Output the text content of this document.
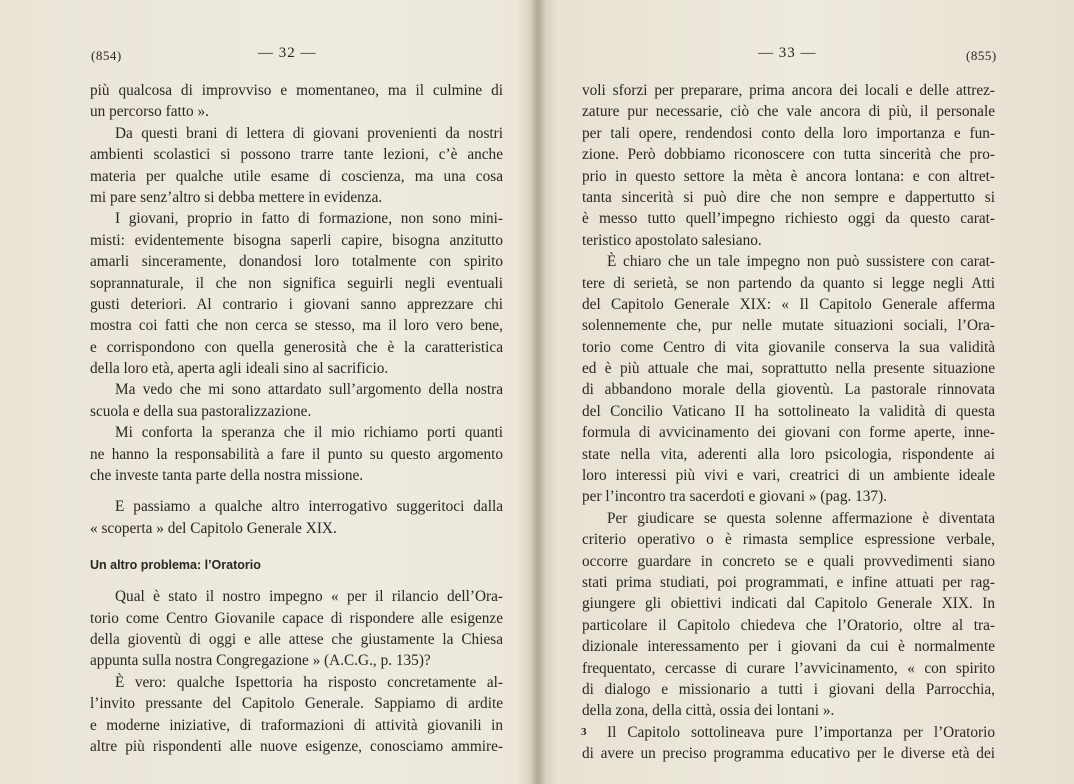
(854)	— 32 —
più qualcosa di improvviso e momentaneo, ma il culmine di
un percorso fatto ».
Da questi brani di lettera di giovani provenienti da nostri
ambienti scolastici si possono trarre tante lezioni, c’è anche
materia per qualche utile esame di coscienza, ma una cosa
mi pare senz’altro si debba mettere in evidenza.
I giovani, proprio in fatto di formazione, non sono mini-
misti: evidentemente bisogna saperli capire, bisogna anzitutto
amarli sinceramente, donandosi loro totalmente con spirito
soprannaturale, il che non significa seguirli negli eventuali
gusti deteriori. Al contrario i giovani sanno apprezzare chi
mostra coi fatti che non cerca se stesso, ma il loro vero bene,
e corrispondono con quella generosità che è la caratteristica
della loro età, aperta agli ideali sino al sacrificio.
Ma vedo che mi sono attardato sull’argomento della nostra
scuola e della sua pastoralizzazione.
Mi conforta la speranza che il mio richiamo porti quanti
ne hanno la responsabilità a fare il punto su questo argomento
che investe tanta parte della nostra missione.
E passiamo a qualche altro interrogativo suggeritoci dalla
« scoperta » del Capitolo Generale XIX.
Un altro problema: l’Oratorio
Qual è stato il nostro impegno « per il rilancio dell’Ora-
torio come Centro Giovanile capace di rispondere alle esigenze
della gioventù di oggi e alle attese che giustamente la Chiesa
appunta sulla nostra Congregazione » (A.C.G., p. 135)?
È vero: qualche Ispettoria ha risposto concretamente al-
l’invito pressante del Capitolo Generale. Sappiamo di ardite
e moderne iniziative, di traformazioni di attività giovanili in
altre più rispondenti alle nuove esigenze, conosciamo ammire-
— 33 —	(855)
voli sforzi per preparare, prima ancora dei locali e delle attrez-
zature pur necessarie, ciò che vale ancora di più, il personale
per tali opere, rendendosi conto della loro importanza e fun-
zione. Però dobbiamo riconoscere con tutta sincerità che pro-
prio in questo settore la mèta è ancora lontana: e con altret-
tanta sincerità si può dire che non sempre e dappertutto si
è messo tutto quell’impegno richiesto oggi da questo carat-
teristico apostolato salesiano.
È chiaro che un tale impegno non può sussistere con carat-
tere di serietà, se non partendo da quanto si legge negli Atti
del Capitolo Generale XIX: « Il Capitolo Generale afferma
solennemente che, pur nelle mutate situazioni sociali, l’Ora-
torio come Centro di vita giovanile conserva la sua validità
ed è più attuale che mai, soprattutto nella presente situazione
di abbandono morale della gioventù. La pastorale rinnovata
del Concilio Vaticano II ha sottolineato la validità di questa
formula di avvicinamento dei giovani con forme aperte, inne-
state nella vita, aderenti alla loro psicologia, rispondente ai
loro interessi più vivi e vari, creatrici di un ambiente ideale
per l’incontro tra sacerdoti e giovani » (pag. 137).
Per giudicare se questa solenne affermazione è diventata
criterio operativo o è rimasta semplice espressione verbale,
occorre guardare in concreto se e quali provvedimenti siano
stati prima studiati, poi programmati, e infine attuati per rag-
giungere gli obiettivi indicati dal Capitolo Generale XIX. In
particolare il Capitolo chiedeva che l’Oratorio, oltre al tra-
dizionale interessamento per i giovani da cui è normalmente
frequentato, cercasse di curare l’avvicinamento, « con spirito
di dialogo e missionario a tutti i giovani della Parrocchia,
della zona, della città, ossia dei lontani ».
Il Capitolo sottolineava pure l’importanza per l’Oratorio
di avere un preciso programma educativo per le diverse età dei
3
